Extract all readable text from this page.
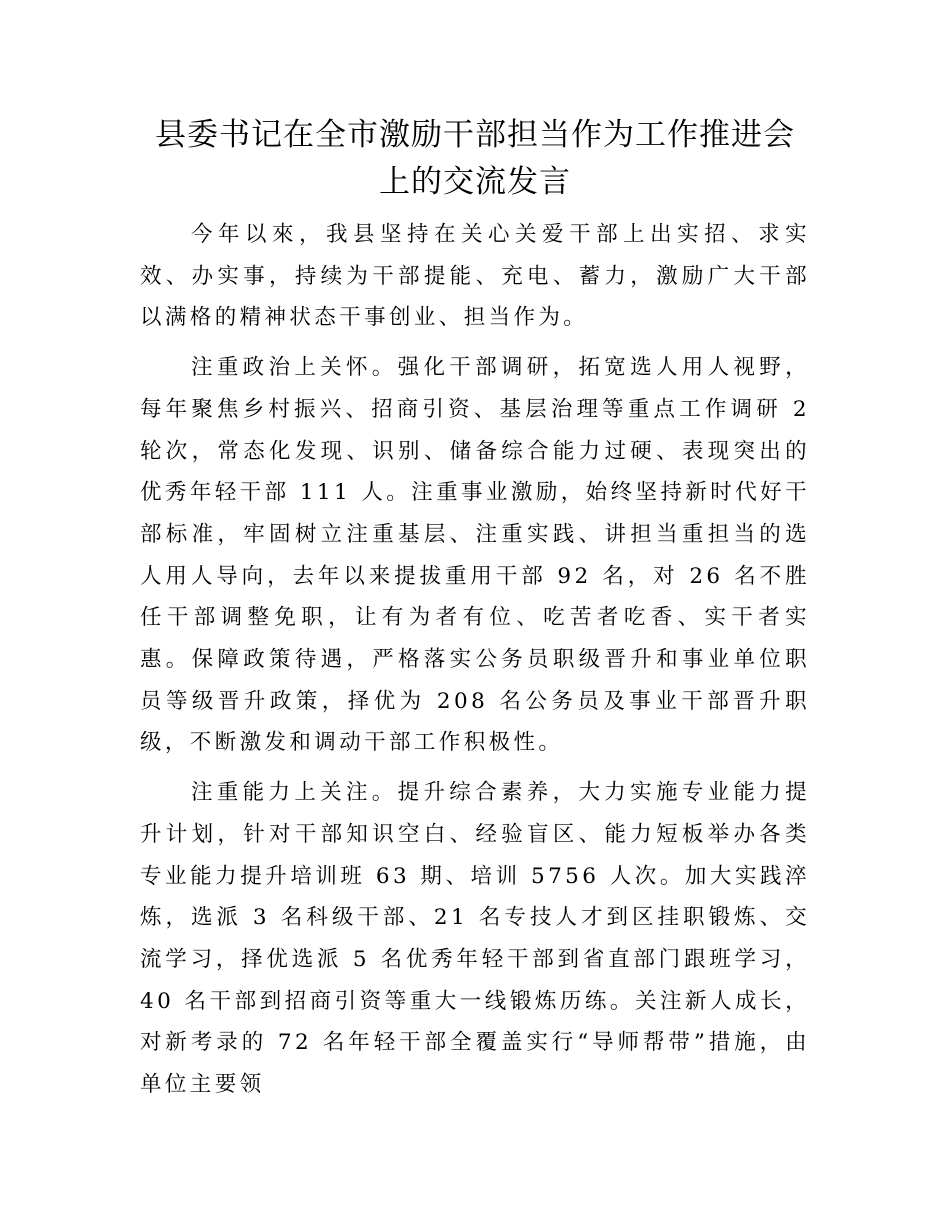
县委书记在全市激励干部担当作为工作推进会上的交流发言

今年以來，我县坚持在关心关爱干部上出实招、求实效、办实事，持续为干部提能、充电、蓄力，激励广大干部以满格的精神状态干事创业、担当作为。

注重政治上关怀。强化干部调研，拓宽选人用人视野，每年聚焦乡村振兴、招商引资、基层治理等重点工作调研 2 轮次，常态化发现、识别、储备综合能力过硬、表现突出的优秀年轻干部 111 人。注重事业激励，始终坚持新时代好干部标准，牢固树立注重基层、注重实践、讲担当重担当的选人用人导向，去年以来提拔重用干部 92 名，对 26 名不胜任干部调整免职，让有为者有位、吃苦者吃香、实干者实惠。保障政策待遇，严格落实公务员职级晋升和事业单位职员等级晋升政策，择优为 208 名公务员及事业干部晋升职级，不断激发和调动干部工作积极性。

注重能力上关注。提升综合素养，大力实施专业能力提升计划，针对干部知识空白、经验盲区、能力短板举办各类专业能力提升培训班 63 期、培训 5756 人次。加大实践淬炼，选派 3 名科级干部、21 名专技人才到区挂职锻炼、交流学习，择优选派 5 名优秀年轻干部到省直部门跟班学习，40 名干部到招商引资等重大一线锻炼历练。关注新人成长，对新考录的 72 名年轻干部全覆盖实行“导师帮带”措施，由单位主要领
